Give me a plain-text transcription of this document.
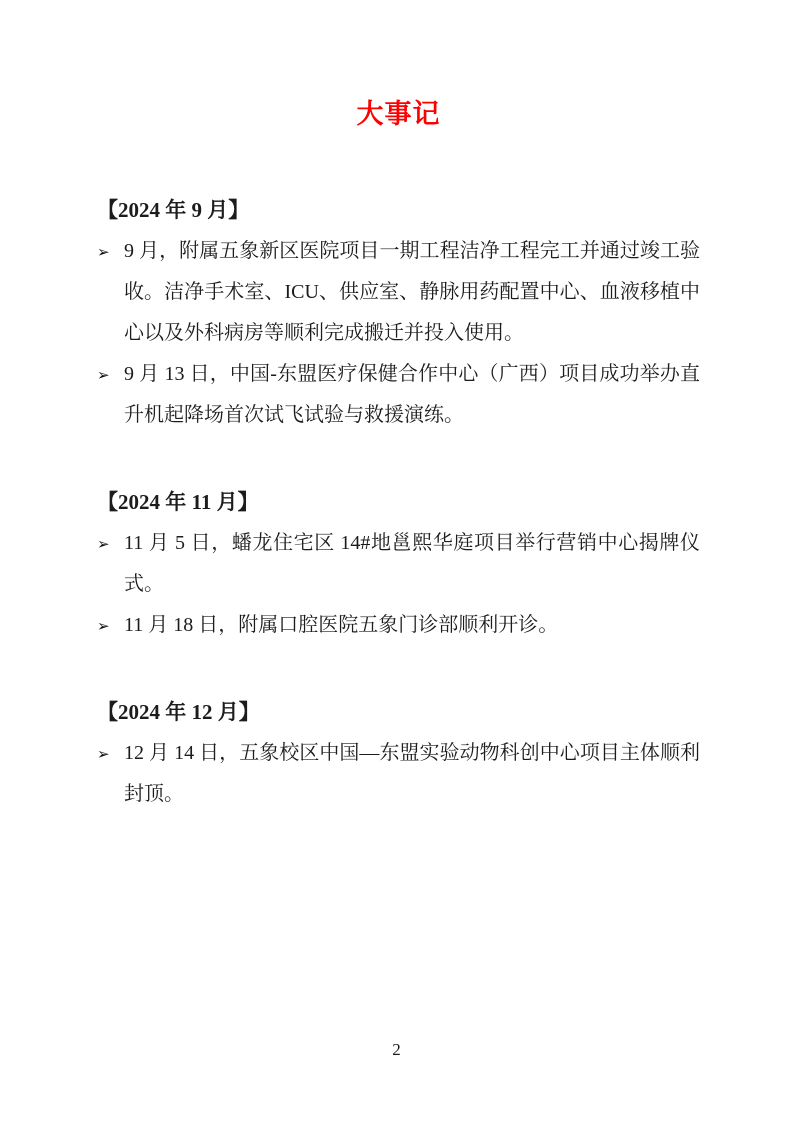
大事记
【2024 年 9 月】
➢ 9 月，附属五象新区医院项目一期工程洁净工程完工并通过竣工验收。洁净手术室、ICU、供应室、静脉用药配置中心、血液移植中心以及外科病房等顺利完成搬迁并投入使用。
➢ 9 月 13 日，中国-东盟医疗保健合作中心（广西）项目成功举办直升机起降场首次试飞试验与救援演练。
【2024 年 11 月】
➢ 11 月 5 日，蟠龙住宅区 14#地邕熙华庭项目举行营销中心揭牌仪式。
➢ 11 月 18 日，附属口腔医院五象门诊部顺利开诊。
【2024 年 12 月】
➢ 12 月 14 日，五象校区中国—东盟实验动物科创中心项目主体顺利封顶。
2
